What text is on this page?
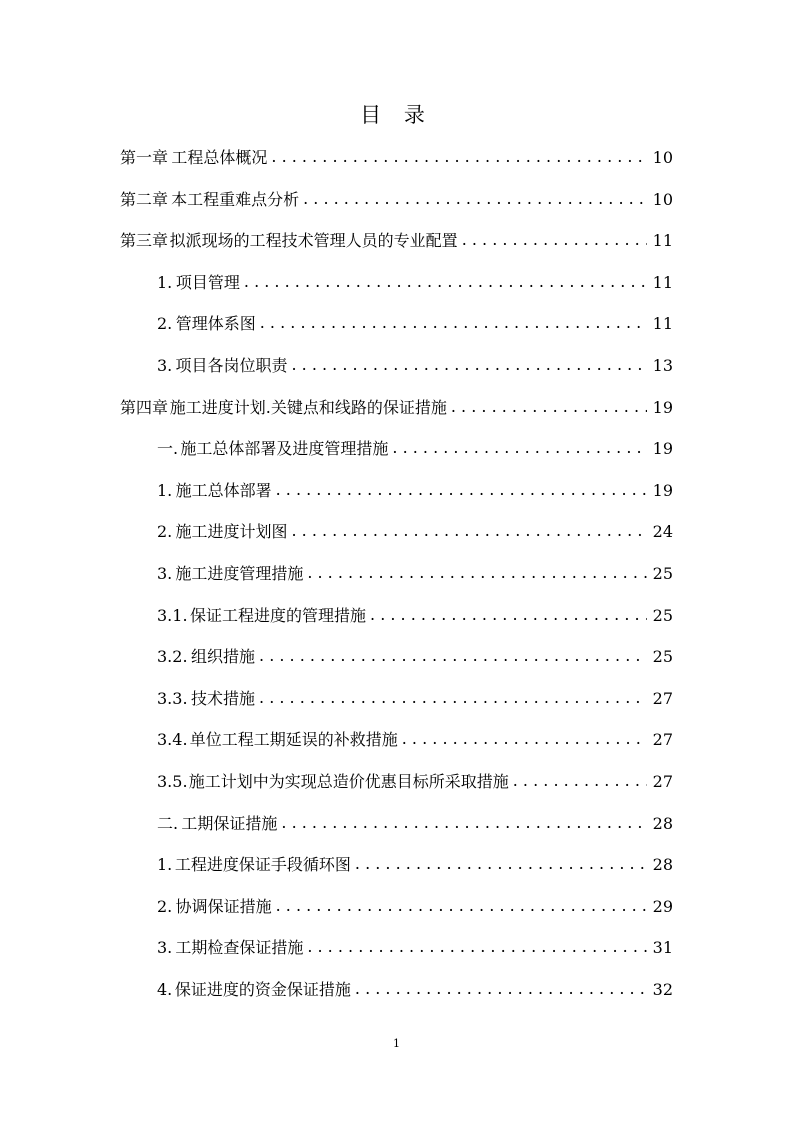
目 录
第一章 工程总体概况 . . .	10
第二章 本工程重难点分析 . . .	10
第三章 拟派现场的工程技术管理人员的专业配置 . . .	11
1. 项目管理 . . .	11
2. 管理体系图 . . .	11
3. 项目各岗位职责 . . .	13
第四章 施工进度计划.关键点和线路的保证措施 . . .	19
一. 施工总体部署及进度管理措施 . . .	19
1. 施工总体部署 . . .	19
2. 施工进度计划图 . . .	24
3. 施工进度管理措施 . . .	25
3.1. 保证工程进度的管理措施 . . .	25
3.2. 组织措施 . . .	25
3.3. 技术措施 . . .	27
3.4. 单位工程工期延误的补救措施 . . .	27
3.5. 施工计划中为实现总造价优惠目标所采取措施 . . .	27
二. 工期保证措施 . . .	28
1. 工程进度保证手段循环图 . . .	28
2. 协调保证措施 . . .	29
3. 工期检查保证措施 . . .	31
4. 保证进度的资金保证措施 . . .	32
1
